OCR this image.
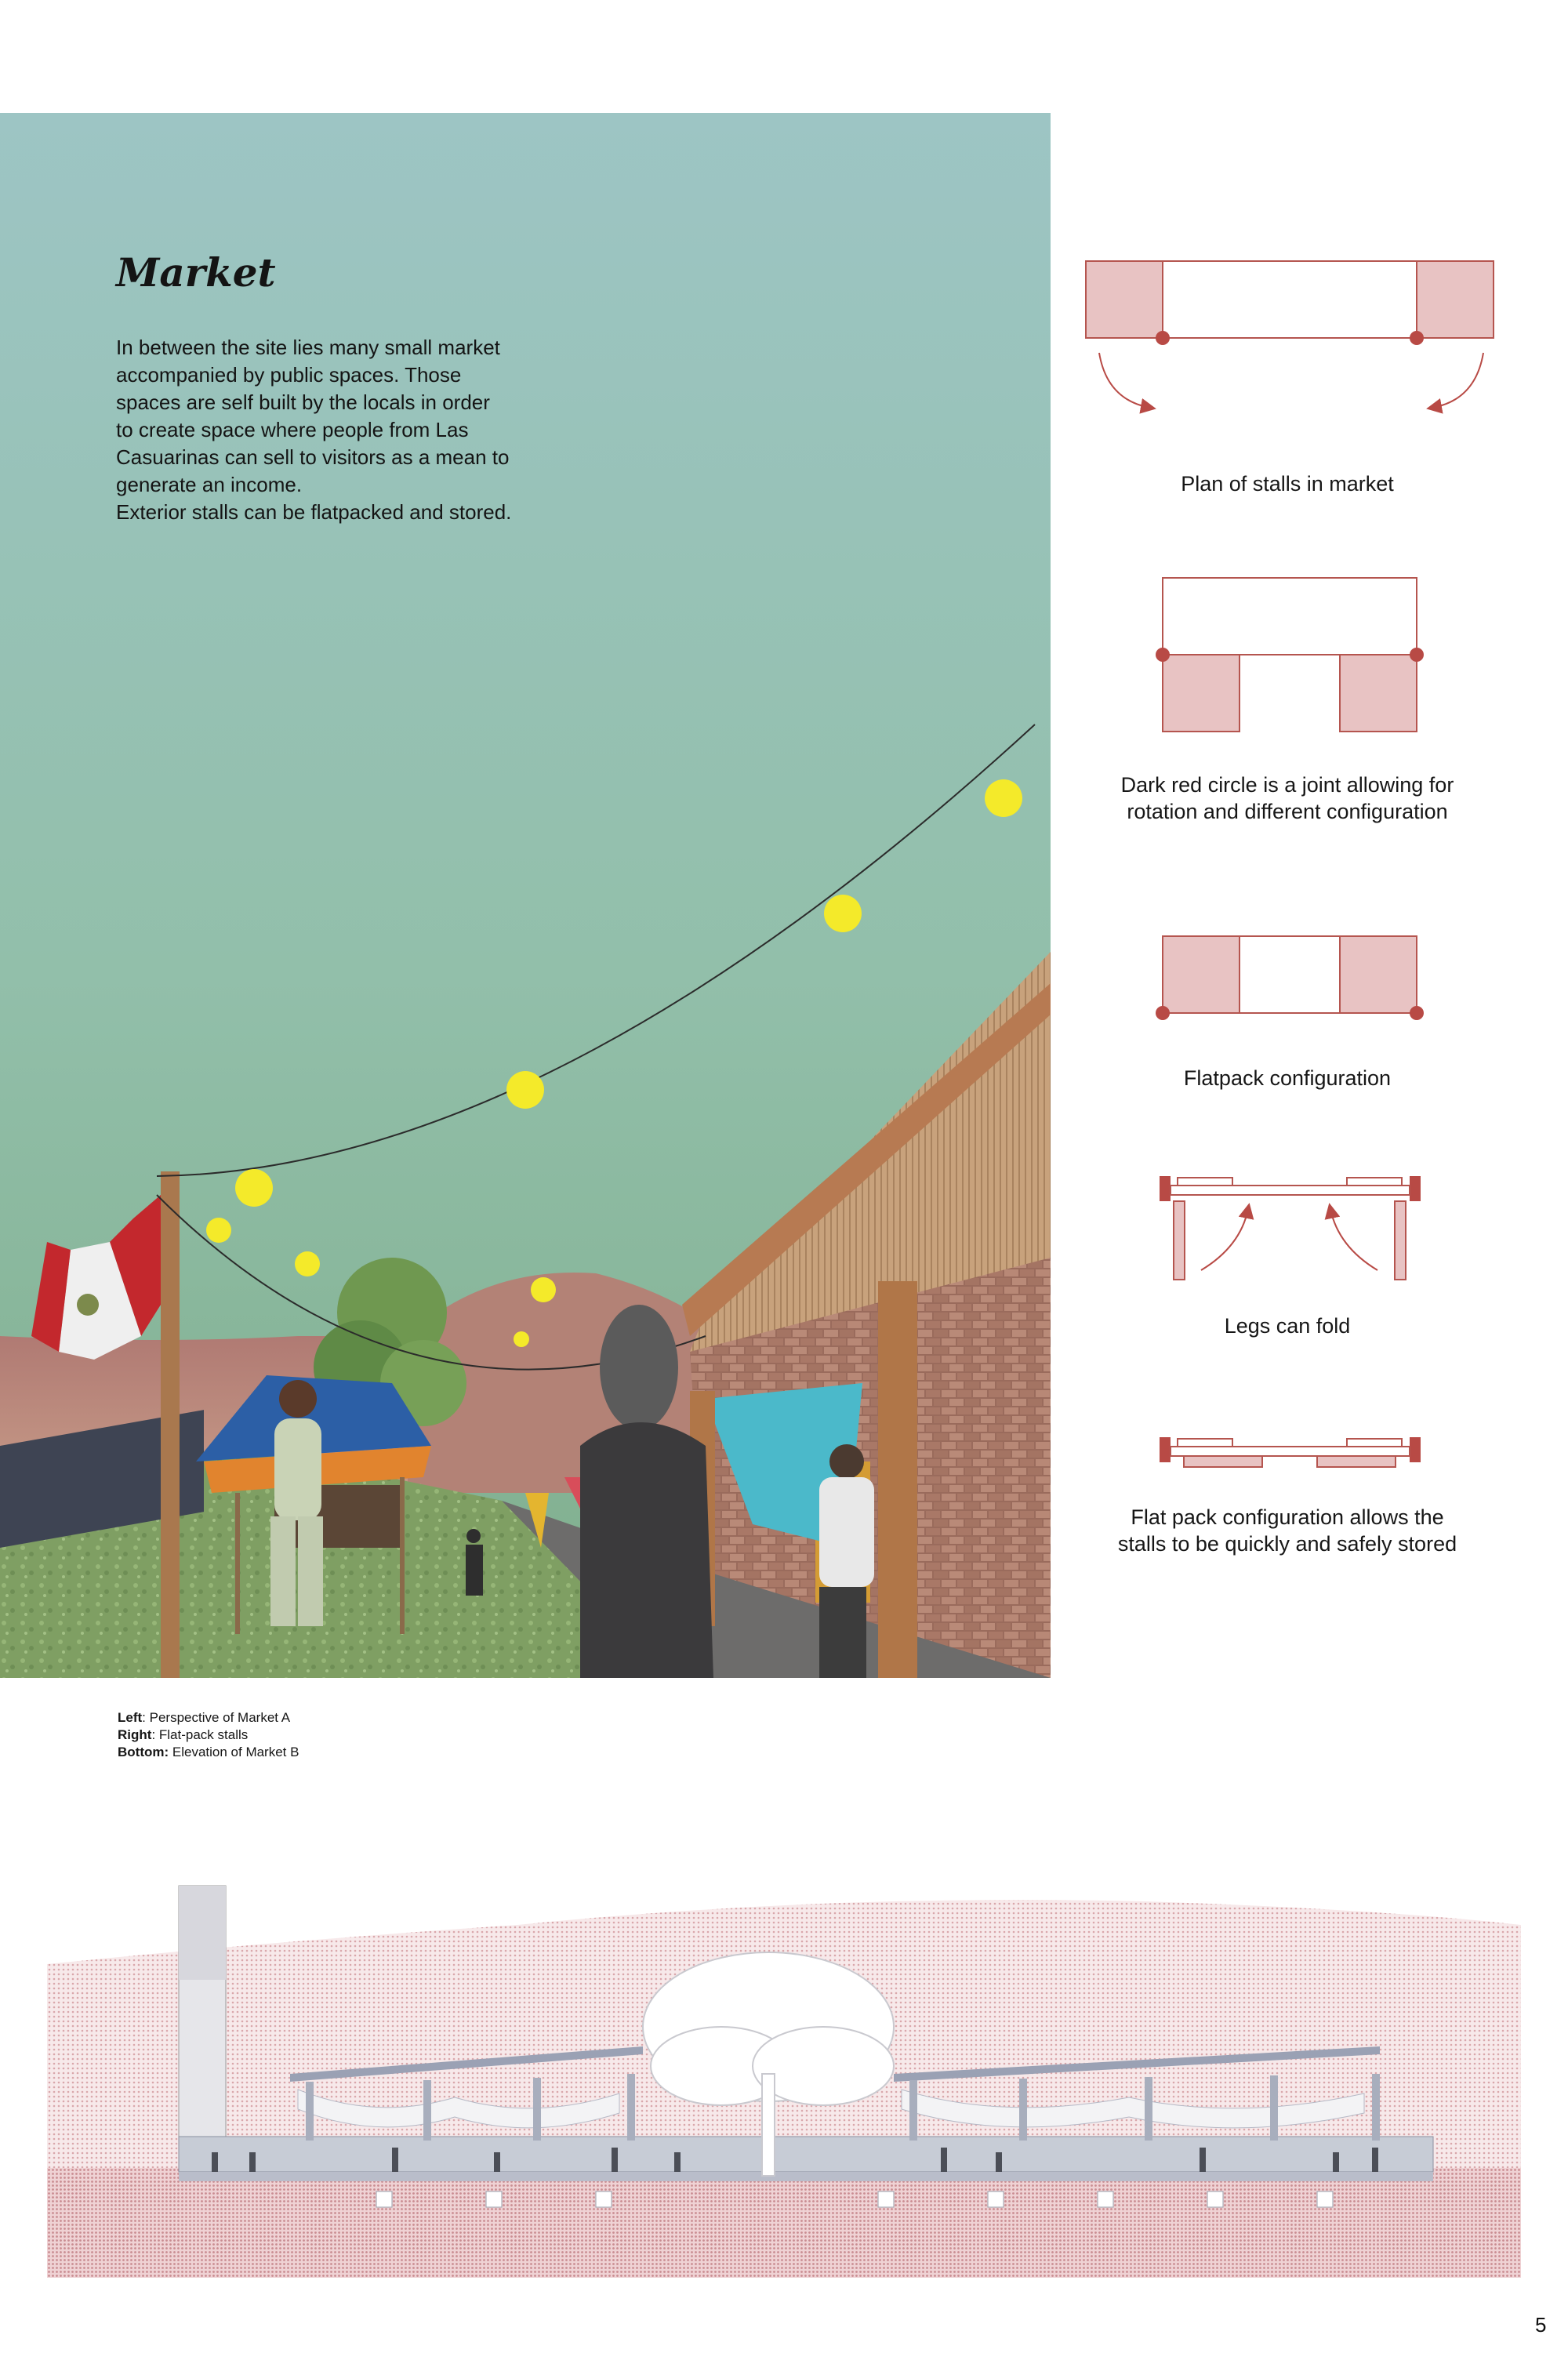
Market

In between the site lies many small market
accompanied by public spaces. Those
spaces are self built by the locals in order
to create space where people from Las
Casuarinas can sell to visitors as a mean to
generate an income.
Exterior stalls can be flatpacked and stored.

Plan of stalls in market
Dark red circle is a joint allowing for
rotation and different configuration
Flatpack configuration
Legs can fold
Flat pack configuration allows the
stalls to be quickly and safely stored
Left: Perspective of Market A
Right: Flat-pack stalls
Bottom: Elevation of Market B
5
